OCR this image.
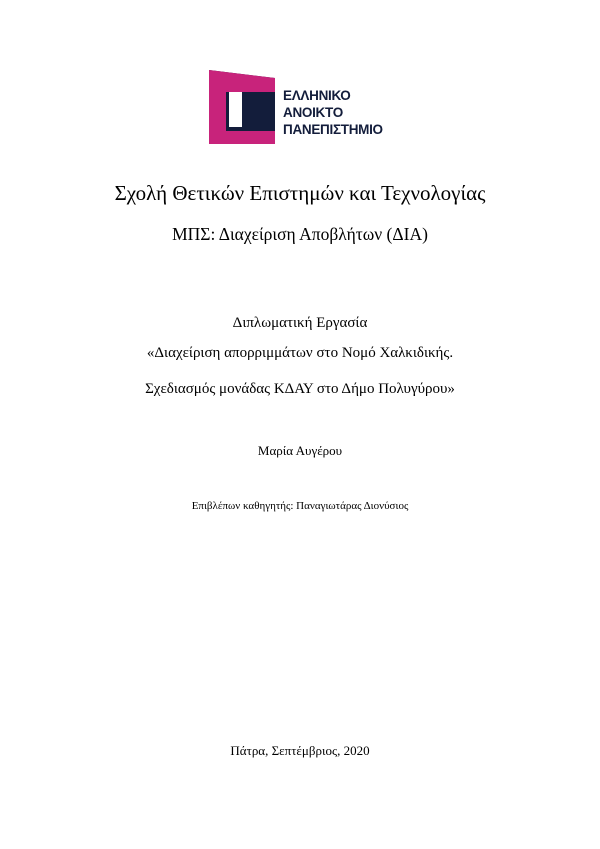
ΕΛΛΗΝΙΚΟ
ΑΝΟΙΚΤΟ
ΠΑΝΕΠΙΣΤΗΜΙΟ
Σχολή Θετικών Επιστημών και Τεχνολογίας
ΜΠΣ: Διαχείριση Αποβλήτων (ΔΙΑ)
Διπλωματική Εργασία
«Διαχείριση απορριμμάτων στο Νομό Χαλκιδικής.
Σχεδιασμός μονάδας ΚΔΑΥ στο Δήμο Πολυγύρου»
Μαρία Αυγέρου
Επιβλέπων καθηγητής: Παναγιωτάρας Διονύσιος
Πάτρα, Σεπτέμβριος, 2020
